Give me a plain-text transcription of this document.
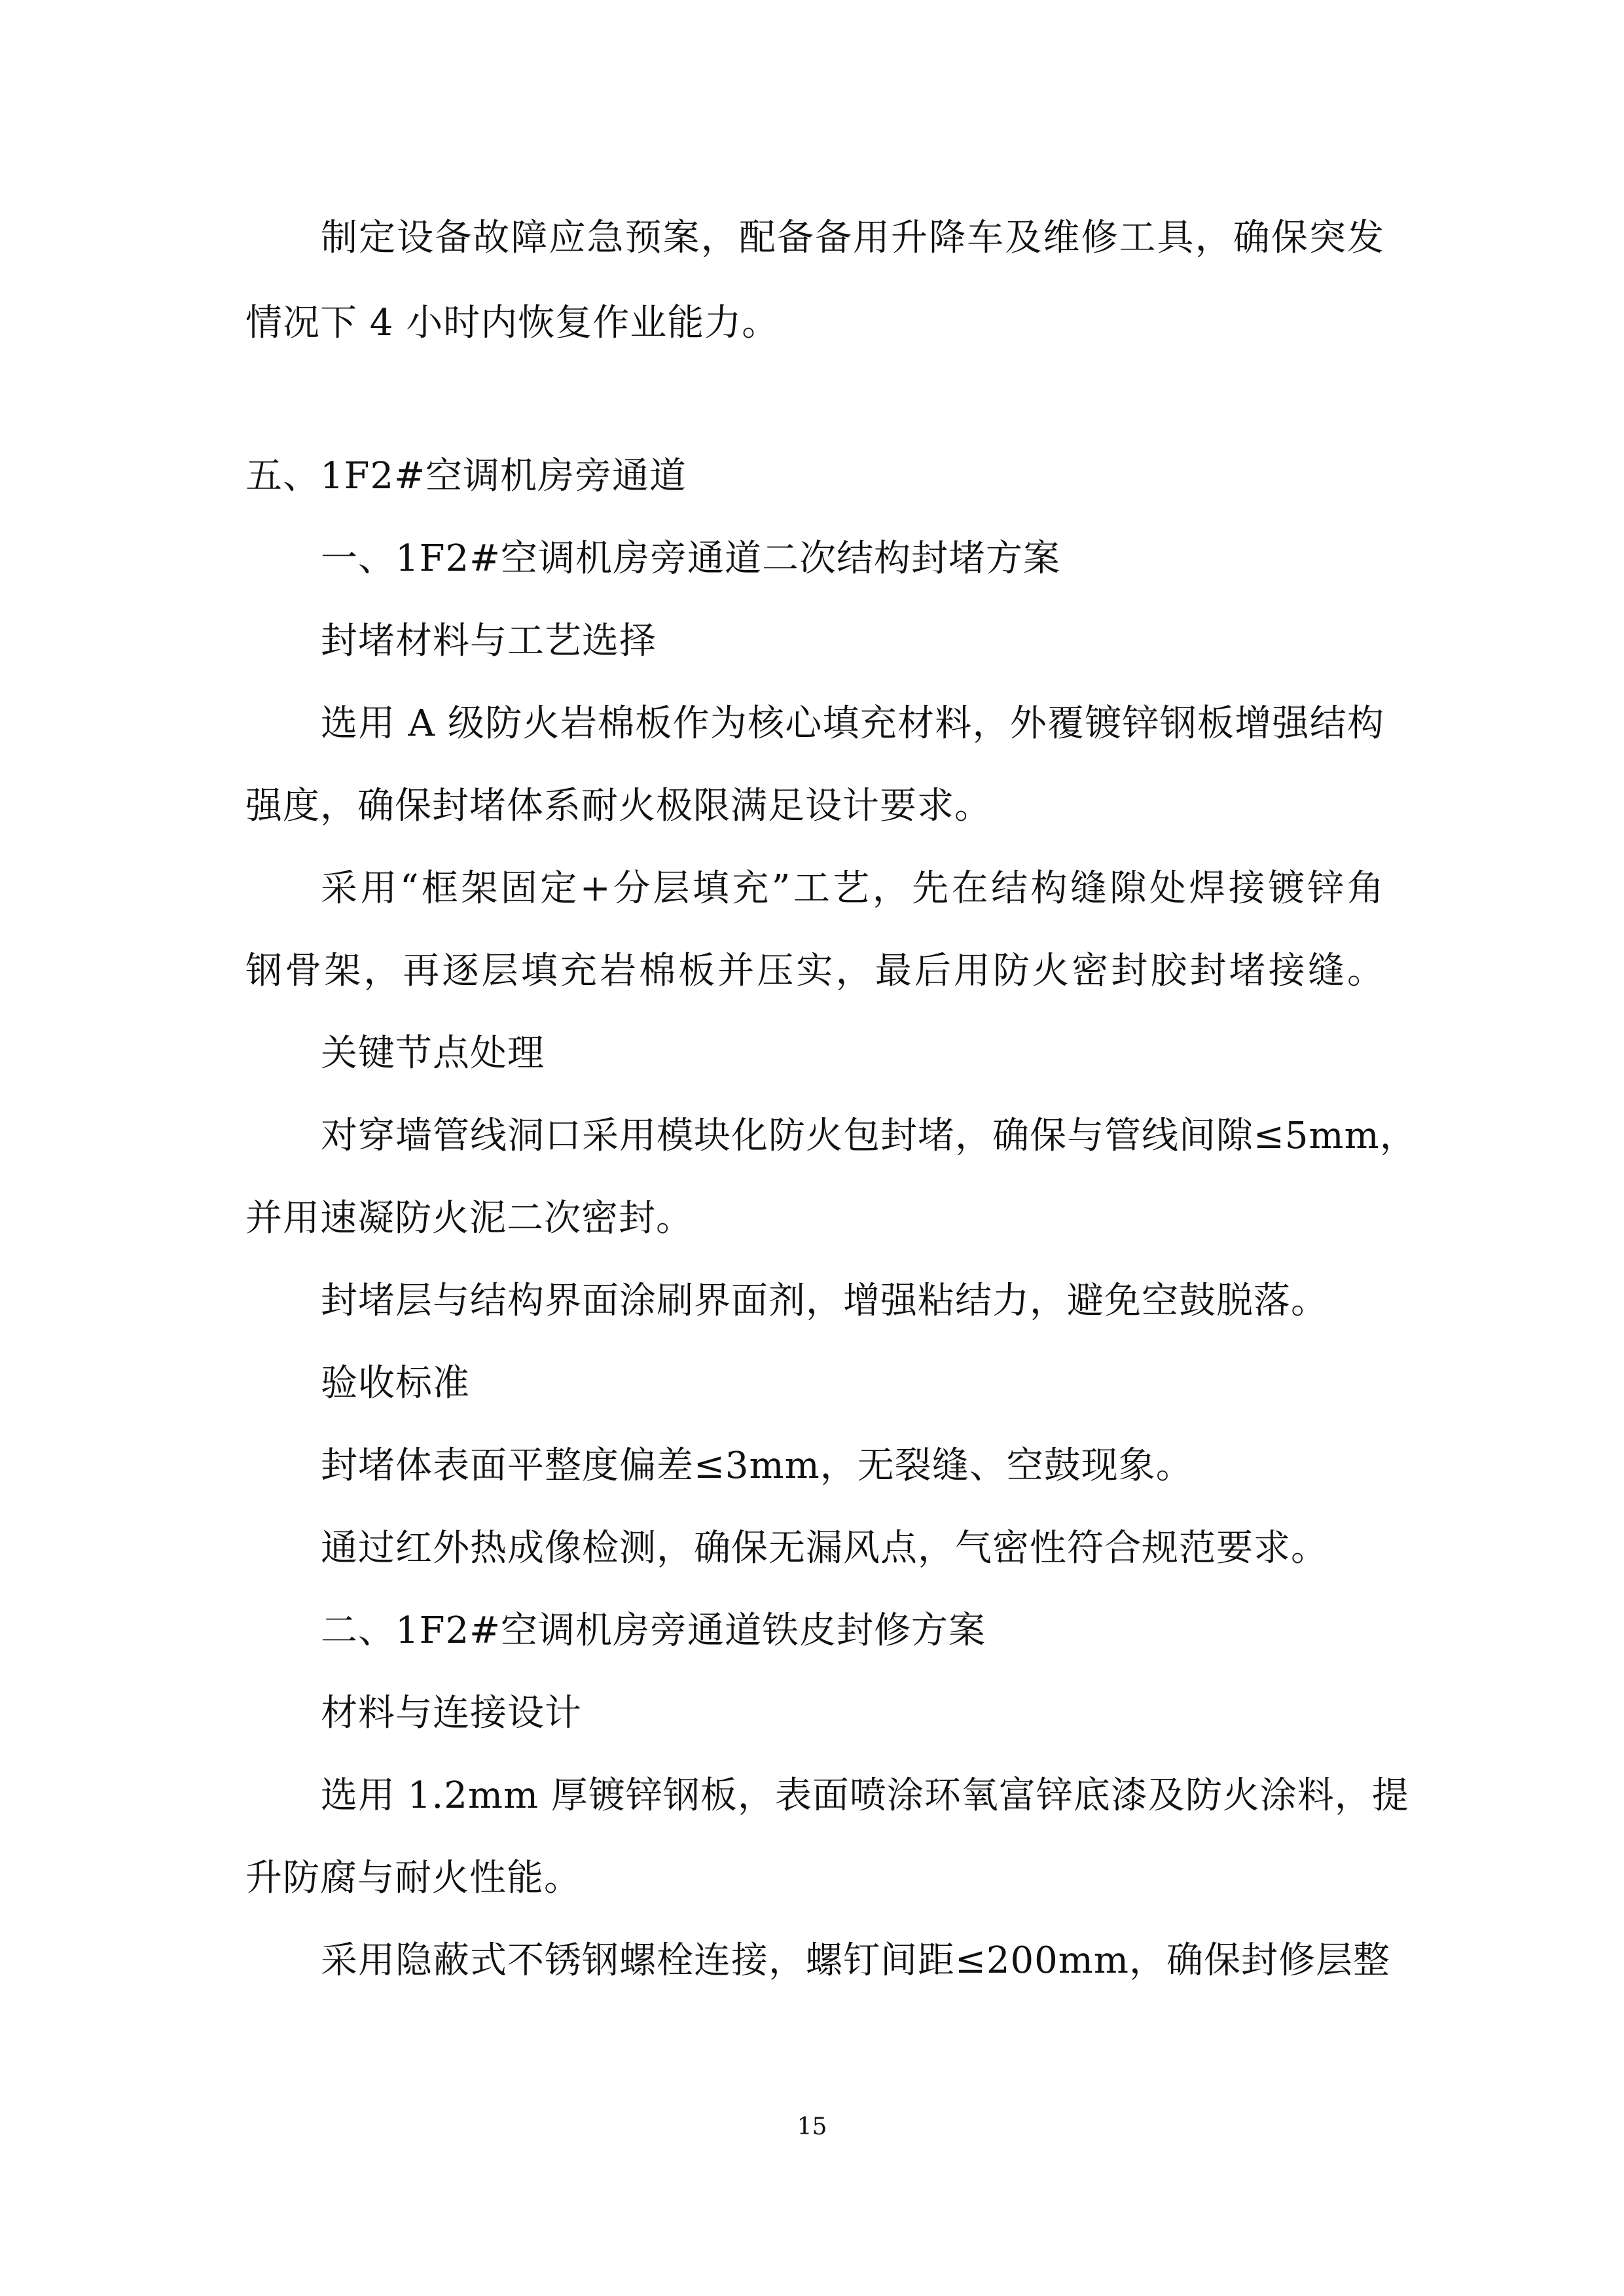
制定设备故障应急预案，配备备用升降车及维修工具，确保突发
情况下 4 小时内恢复作业能力。
五、1F2#空调机房旁通道
一、1F2#空调机房旁通道二次结构封堵方案
封堵材料与工艺选择
选用 A 级防火岩棉板作为核心填充材料，外覆镀锌钢板增强结构
强度，确保封堵体系耐火极限满足设计要求。
采用“框架固定+分层填充”工艺，先在结构缝隙处焊接镀锌角
钢骨架，再逐层填充岩棉板并压实，最后用防火密封胶封堵接缝。
关键节点处理
对穿墙管线洞口采用模块化防火包封堵，确保与管线间隙≤5mm，
并用速凝防火泥二次密封。
封堵层与结构界面涂刷界面剂，增强粘结力，避免空鼓脱落。
验收标准
封堵体表面平整度偏差≤3mm，无裂缝、空鼓现象。
通过红外热成像检测，确保无漏风点，气密性符合规范要求。
二、1F2#空调机房旁通道铁皮封修方案
材料与连接设计
选用 1.2mm 厚镀锌钢板，表面喷涂环氧富锌底漆及防火涂料，提
升防腐与耐火性能。
采用隐蔽式不锈钢螺栓连接，螺钉间距≤200mm，确保封修层整
15
